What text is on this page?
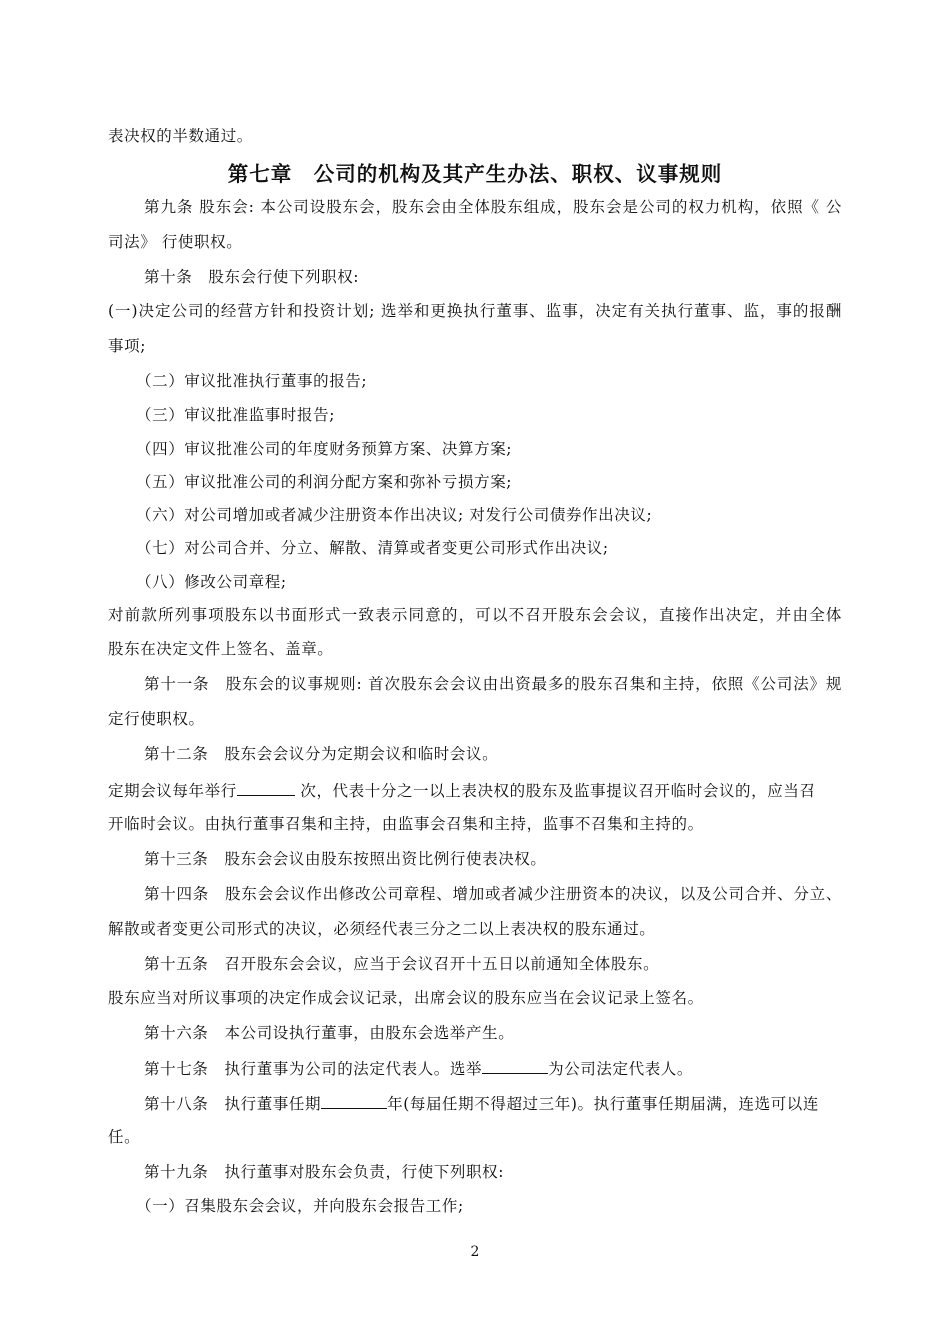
表决权的半数通过。
第七章　公司的机构及其产生办法、职权、议事规则
第九条 股东会: 本公司设股东会，股东会由全体股东组成，股东会是公司的权力机构，依照《 公
司法》 行使职权。
第十条　股东会行使下列职权:
(一)决定公司的经营方针和投资计划; 选举和更换执行董事、监事，决定有关执行董事、监，事的报酬
事项;
（二）审议批准执行董事的报告;
（三）审议批准监事时报告;
（四）审议批准公司的年度财务预算方案、决算方案;
（五）审议批准公司的利润分配方案和弥补亏损方案;
（六）对公司增加或者减少注册资本作出决议; 对发行公司债券作出决议;
（七）对公司合并、分立、解散、清算或者变更公司形式作出决议;
（八）修改公司章程;
对前款所列事项股东以书面形式一致表示同意的，可以不召开股东会会议，直接作出决定，并由全体
股东在决定文件上签名、盖章。
第十一条　股东会的议事规则: 首次股东会会议由出资最多的股东召集和主持，依照《公司法》规
定行使职权。
第十二条　股东会会议分为定期会议和临时会议。
定期会议每年举行	次，代表十分之一以上表决权的股东及监事提议召开临时会议的，应当召
开临时会议。由执行董事召集和主持，由监事会召集和主持，监事不召集和主持的。
第十三条　股东会会议由股东按照出资比例行使表决权。
第十四条　股东会会议作出修改公司章程、增加或者减少注册资本的决议，以及公司合并、分立、
解散或者变更公司形式的决议，必须经代表三分之二以上表决权的股东通过。
第十五条　召开股东会会议，应当于会议召开十五日以前通知全体股东。
股东应当对所议事项的决定作成会议记录，出席会议的股东应当在会议记录上签名。
第十六条　本公司设执行董事，由股东会选举产生。
第十七条　执行董事为公司的法定代表人。选举	为公司法定代表人。
第十八条　执行董事任期	年(每届任期不得超过三年)。执行董事任期届满，连选可以连
任。
第十九条　执行董事对股东会负责，行使下列职权:
（一）召集股东会会议，并向股东会报告工作;
2
